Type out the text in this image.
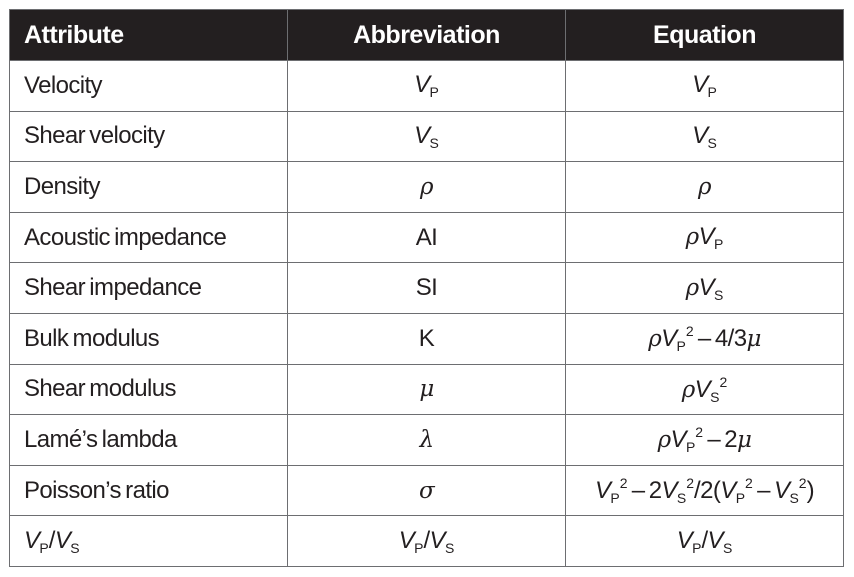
Attribute	Abbreviation	Equation
Velocity	$V_P$	$V_P$
Shear  velocity	$V_S$	$V_S$
Density	ρ	ρ
Acoustic  impedance	AI	$\rho V_P$
Shear  impedance	SI	$\rho V_S$
Bulk  modulus	K	$\rho V_P^2 - 4/3\mu$
Shear  modulus	μ	$\rho V_S^2$
Lamé’s  lambda	λ	$\rho V_P^2 - 2\mu$
Poisson’s  ratio	σ	$V_P^2 - 2V_S^2/2(V_P^2 - V_S^2)$
$V_P/V_S$	$V_P/V_S$	$V_P/V_S$
